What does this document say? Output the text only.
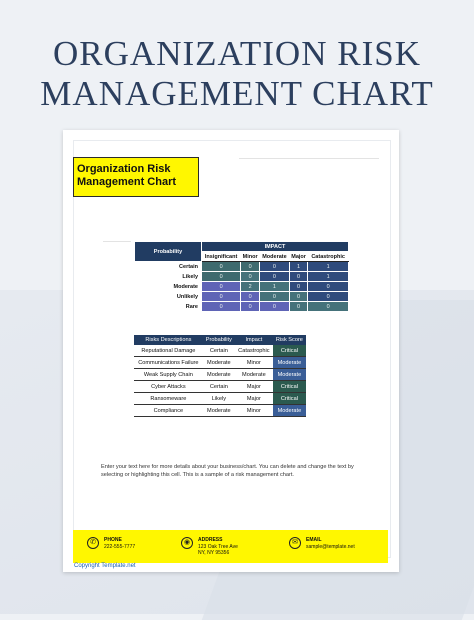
ORGANIZATION RISK
MANAGEMENT CHART
Organization Risk
Management Chart
Probability	IMPACT				
	Insignificant	Minor	Moderate	Major	Catastrophic
Certain	0	0	0	1	1
Likely	0	0	0	0	1
Moderate	0	2	1	0	0
Unlikely	0	0	0	0	0
Rare	0	0	0	0	0
Risks Descriptions	Probability	Impact	Risk Score
Reputational Damage	Certain	Catastrophic	Critical
Communications Failure	Moderate	Minor	Moderate
Weak Supply Chain	Moderate	Moderate	Moderate
Cyber Attacks	Certain	Major	Critical
Ransomeware	Likely	Major	Critical
Compliance	Moderate	Minor	Moderate
Enter your text here for more details about your business/chart. You can delete and change the text by selecting or highlighting this cell. This is a sample of a risk management chart.
✆	PHONE
222-555-7777
◉	ADDRESS
123 Oak Tree Ave
NY, NY 95356
✉	EMAIL
sample@template.net
Copyright Template.net
